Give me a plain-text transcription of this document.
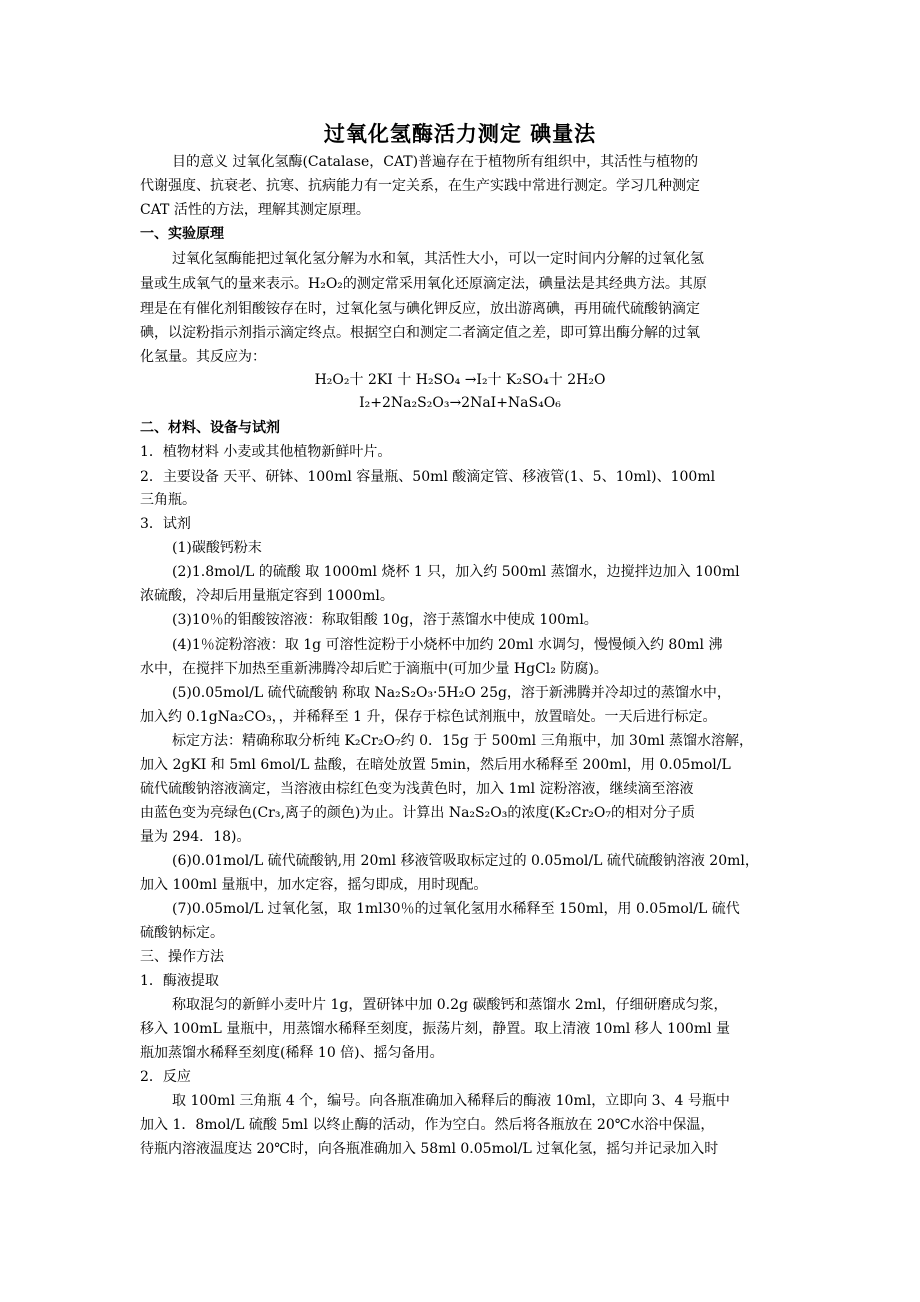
过氧化氢酶活力测定 碘量法
目的意义 过氧化氢酶(Catalase，CAT)普遍存在于植物所有组织中，其活性与植物的
代谢强度、抗衰老、抗寒、抗病能力有一定关系，在生产实践中常进行测定。学习几种测定
CAT 活性的方法，理解其测定原理。
一、实验原理
过氧化氢酶能把过氧化氢分解为水和氧，其活性大小，可以一定时间内分解的过氧化氢
量或生成氧气的量来表示。H₂O₂的测定常采用氧化还原滴定法，碘量法是其经典方法。其原
理是在有催化剂钼酸铵存在时，过氧化氢与碘化钾反应，放出游离碘，再用硫代硫酸钠滴定
碘，以淀粉指示剂指示滴定终点。根据空白和测定二者滴定值之差，即可算出酶分解的过氧
化氢量。其反应为：
H₂O₂十 2KI 十 H₂SO₄ →I₂十 K₂SO₄十 2H₂O
I₂+2Na₂S₂O₃→2NaI+NaS₄O₆
二、材料、设备与试剂
1．植物材料 小麦或其他植物新鲜叶片。
2．主要设备 天平、研钵、100ml 容量瓶、50ml 酸滴定管、移液管(1、5、10ml)、100ml
三角瓶。
3．试剂
(1)碳酸钙粉末
(2)1.8mol/L 的硫酸 取 1000ml 烧杯 1 只，加入约 500ml 蒸馏水，边搅拌边加入 100ml
浓硫酸，冷却后用量瓶定容到 1000ml。
(3)10％的钼酸铵溶液：称取钼酸 10g，溶于蒸馏水中使成 100ml。
(4)1％淀粉溶液：取 1g 可溶性淀粉于小烧杯中加约 20ml 水调匀，慢慢倾入约 80ml 沸
水中，在搅拌下加热至重新沸腾冷却后贮于滴瓶中(可加少量 HgCl₂ 防腐)。
(5)0.05mol/L 硫代硫酸钠 称取 Na₂S₂O₃·5H₂O 25g，溶于新沸腾并冷却过的蒸馏水中，
加入约 0.1gNa₂CO₃，，并稀释至 1 升，保存于棕色试剂瓶中，放置暗处。一天后进行标定。
标定方法：精确称取分析纯 K₂Cr₂O₇约 0．15g 于 500ml 三角瓶中，加 30ml 蒸馏水溶解，
加入 2gKI 和 5ml 6mol/L 盐酸，在暗处放置 5min，然后用水稀释至 200ml，用 0.05mol/L
硫代硫酸钠溶液滴定，当溶液由棕红色变为浅黄色时，加入 1ml 淀粉溶液，继续滴至溶液
由蓝色变为亮绿色(Cr₃,离子的颜色)为止。计算出 Na₂S₂O₃的浓度(K₂Cr₂O₇的相对分子质
量为 294．18)。
(6)0.01mol/L 硫代硫酸钠,用 20ml 移液管吸取标定过的 0.05mol/L 硫代硫酸钠溶液 20ml，
加入 100ml 量瓶中，加水定容，摇匀即成，用时现配。
(7)0.05mol/L 过氧化氢，取 1ml30％的过氧化氢用水稀释至 150ml，用 0.05mol/L 硫代
硫酸钠标定。
三、操作方法
1．酶液提取
称取混匀的新鲜小麦叶片 1g，置研钵中加 0.2g 碳酸钙和蒸馏水 2ml，仔细研磨成匀浆，
移入 100mL 量瓶中，用蒸馏水稀释至刻度，振荡片刻，静置。取上清液 10ml 移人 100ml 量
瓶加蒸馏水稀释至刻度(稀释 10 倍)、摇匀备用。
2．反应
取 100ml 三角瓶 4 个，编号。向各瓶准确加入稀释后的酶液 10ml，立即向 3、4 号瓶中
加入 1．8mol/L 硫酸 5ml 以终止酶的活动，作为空白。然后将各瓶放在 20℃水浴中保温，
待瓶内溶液温度达 20℃时，向各瓶准确加入 58ml 0.05mol/L 过氧化氢，摇匀并记录加入时
